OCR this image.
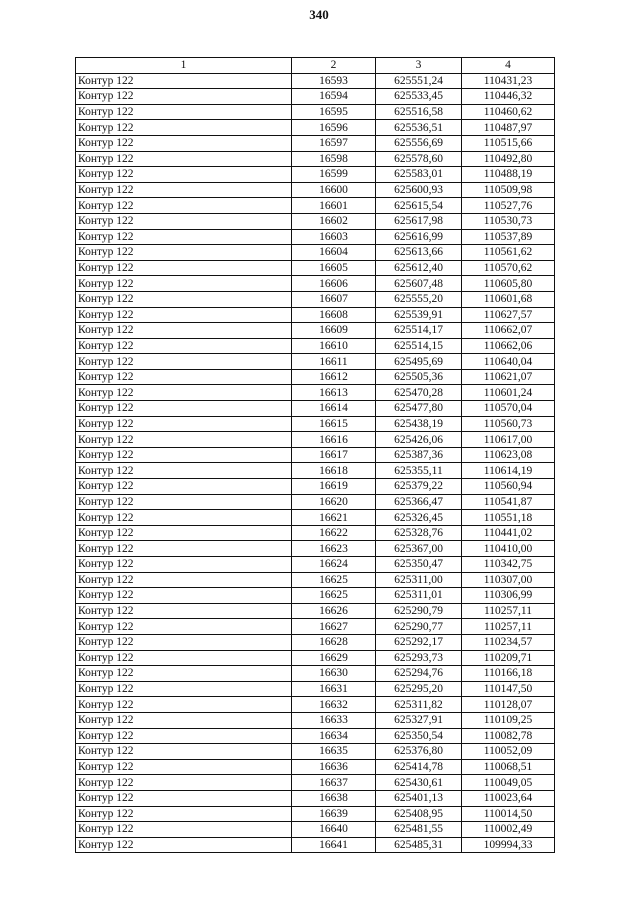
340
1	2	3	4
Контур 122	16593	625551,24	110431,23
Контур 122	16594	625533,45	110446,32
Контур 122	16595	625516,58	110460,62
Контур 122	16596	625536,51	110487,97
Контур 122	16597	625556,69	110515,66
Контур 122	16598	625578,60	110492,80
Контур 122	16599	625583,01	110488,19
Контур 122	16600	625600,93	110509,98
Контур 122	16601	625615,54	110527,76
Контур 122	16602	625617,98	110530,73
Контур 122	16603	625616,99	110537,89
Контур 122	16604	625613,66	110561,62
Контур 122	16605	625612,40	110570,62
Контур 122	16606	625607,48	110605,80
Контур 122	16607	625555,20	110601,68
Контур 122	16608	625539,91	110627,57
Контур 122	16609	625514,17	110662,07
Контур 122	16610	625514,15	110662,06
Контур 122	16611	625495,69	110640,04
Контур 122	16612	625505,36	110621,07
Контур 122	16613	625470,28	110601,24
Контур 122	16614	625477,80	110570,04
Контур 122	16615	625438,19	110560,73
Контур 122	16616	625426,06	110617,00
Контур 122	16617	625387,36	110623,08
Контур 122	16618	625355,11	110614,19
Контур 122	16619	625379,22	110560,94
Контур 122	16620	625366,47	110541,87
Контур 122	16621	625326,45	110551,18
Контур 122	16622	625328,76	110441,02
Контур 122	16623	625367,00	110410,00
Контур 122	16624	625350,47	110342,75
Контур 122	16625	625311,00	110307,00
Контур 122	16625	625311,01	110306,99
Контур 122	16626	625290,79	110257,11
Контур 122	16627	625290,77	110257,11
Контур 122	16628	625292,17	110234,57
Контур 122	16629	625293,73	110209,71
Контур 122	16630	625294,76	110166,18
Контур 122	16631	625295,20	110147,50
Контур 122	16632	625311,82	110128,07
Контур 122	16633	625327,91	110109,25
Контур 122	16634	625350,54	110082,78
Контур 122	16635	625376,80	110052,09
Контур 122	16636	625414,78	110068,51
Контур 122	16637	625430,61	110049,05
Контур 122	16638	625401,13	110023,64
Контур 122	16639	625408,95	110014,50
Контур 122	16640	625481,55	110002,49
Контур 122	16641	625485,31	109994,33
